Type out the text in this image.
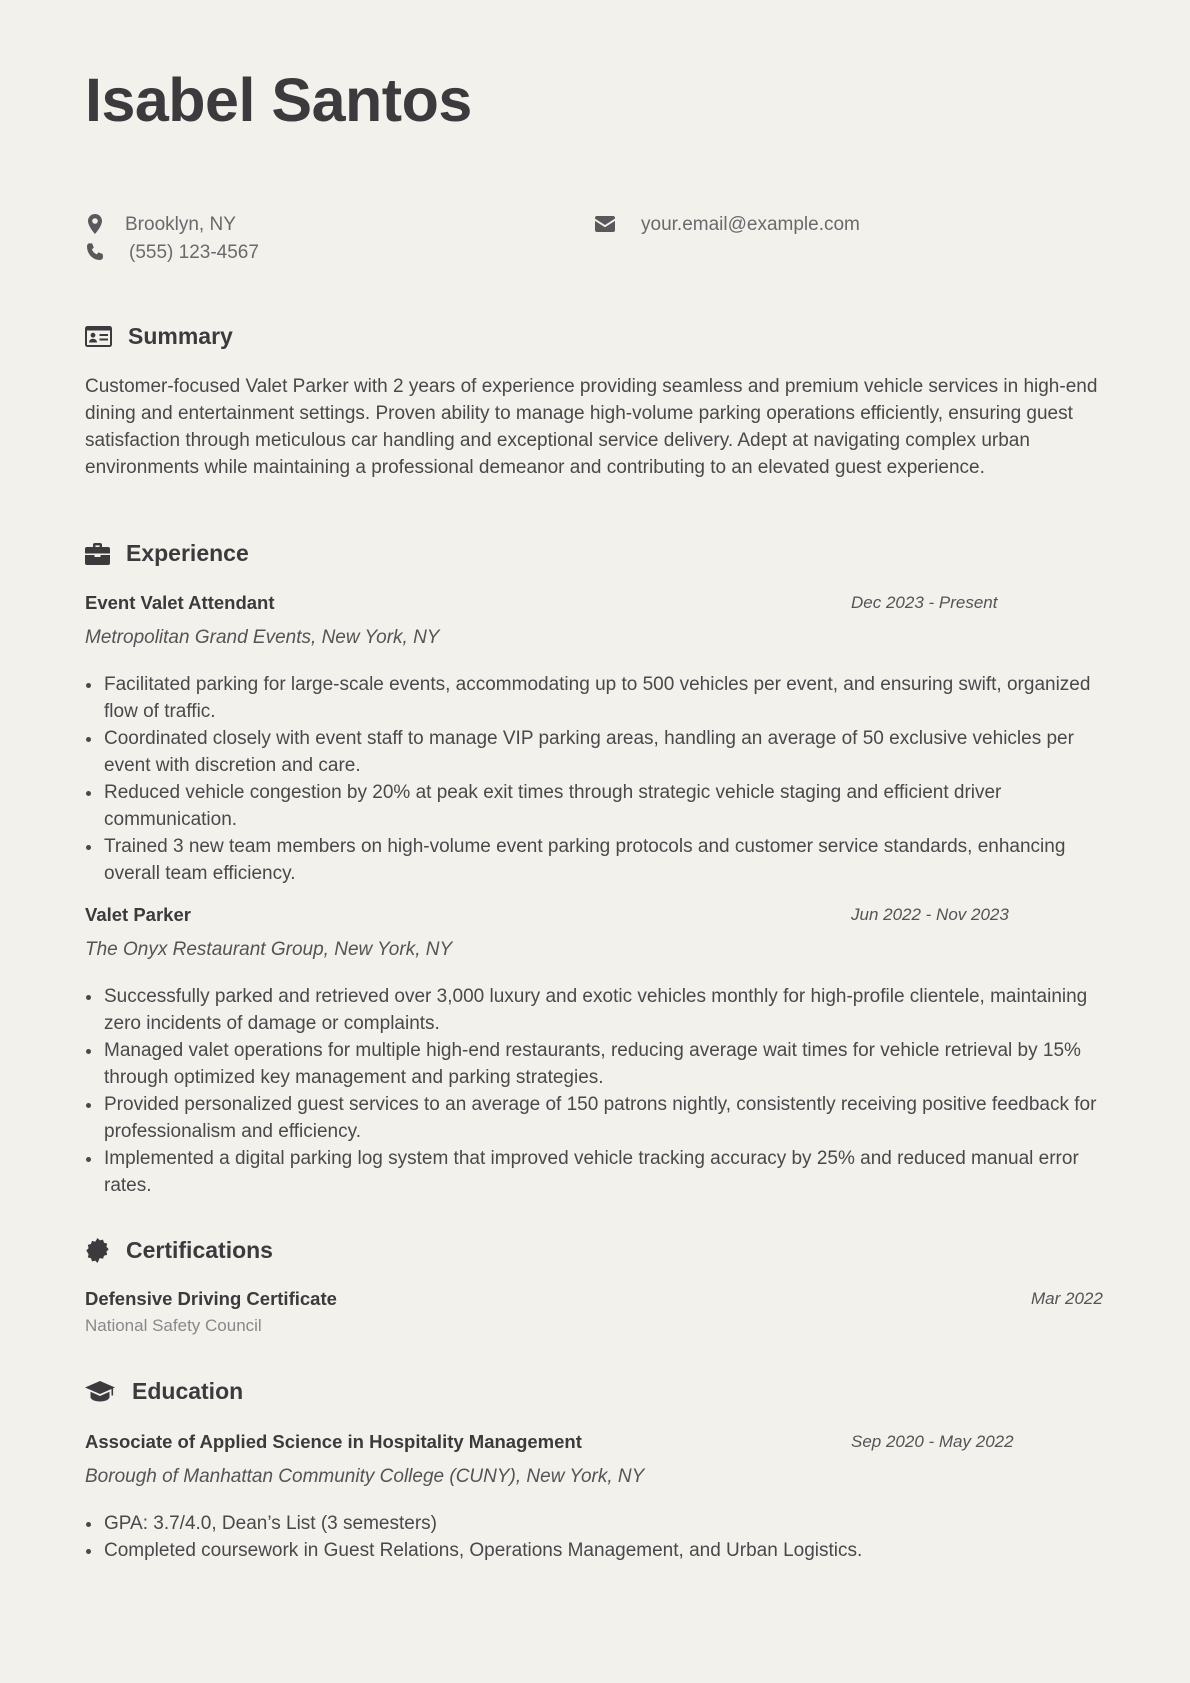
Isabel Santos
Brooklyn, NY
(555) 123-4567
your.email@example.com
Summary

Customer-focused Valet Parker with 2 years of experience providing seamless and premium vehicle services in high-end dining and entertainment settings. Proven ability to manage high-volume parking operations efficiently, ensuring guest satisfaction through meticulous car handling and exceptional service delivery. Adept at navigating complex urban environments while maintaining a professional demeanor and contributing to an elevated guest experience.

Experience
Event Valet Attendant	Dec 2023 - Present
Metropolitan Grand Events, New York, NY
Facilitated parking for large-scale events, accommodating up to 500 vehicles per event, and ensuring swift, organized flow of traffic.
Coordinated closely with event staff to manage VIP parking areas, handling an average of 50 exclusive vehicles per event with discretion and care.
Reduced vehicle congestion by 20% at peak exit times through strategic vehicle staging and efficient driver communication.
Trained 3 new team members on high-volume event parking protocols and customer service standards, enhancing overall team efficiency.
Valet Parker	Jun 2022 - Nov 2023
The Onyx Restaurant Group, New York, NY
Successfully parked and retrieved over 3,000 luxury and exotic vehicles monthly for high-profile clientele, maintaining zero incidents of damage or complaints.
Managed valet operations for multiple high-end restaurants, reducing average wait times for vehicle retrieval by 15% through optimized key management and parking strategies.
Provided personalized guest services to an average of 150 patrons nightly, consistently receiving positive feedback for professionalism and efficiency.
Implemented a digital parking log system that improved vehicle tracking accuracy by 25% and reduced manual error rates.
Certifications
Defensive Driving Certificate	Mar 2022
National Safety Council
Education
Associate of Applied Science in Hospitality Management	Sep 2020 - May 2022
Borough of Manhattan Community College (CUNY), New York, NY
GPA: 3.7/4.0, Dean’s List (3 semesters)
Completed coursework in Guest Relations, Operations Management, and Urban Logistics.
